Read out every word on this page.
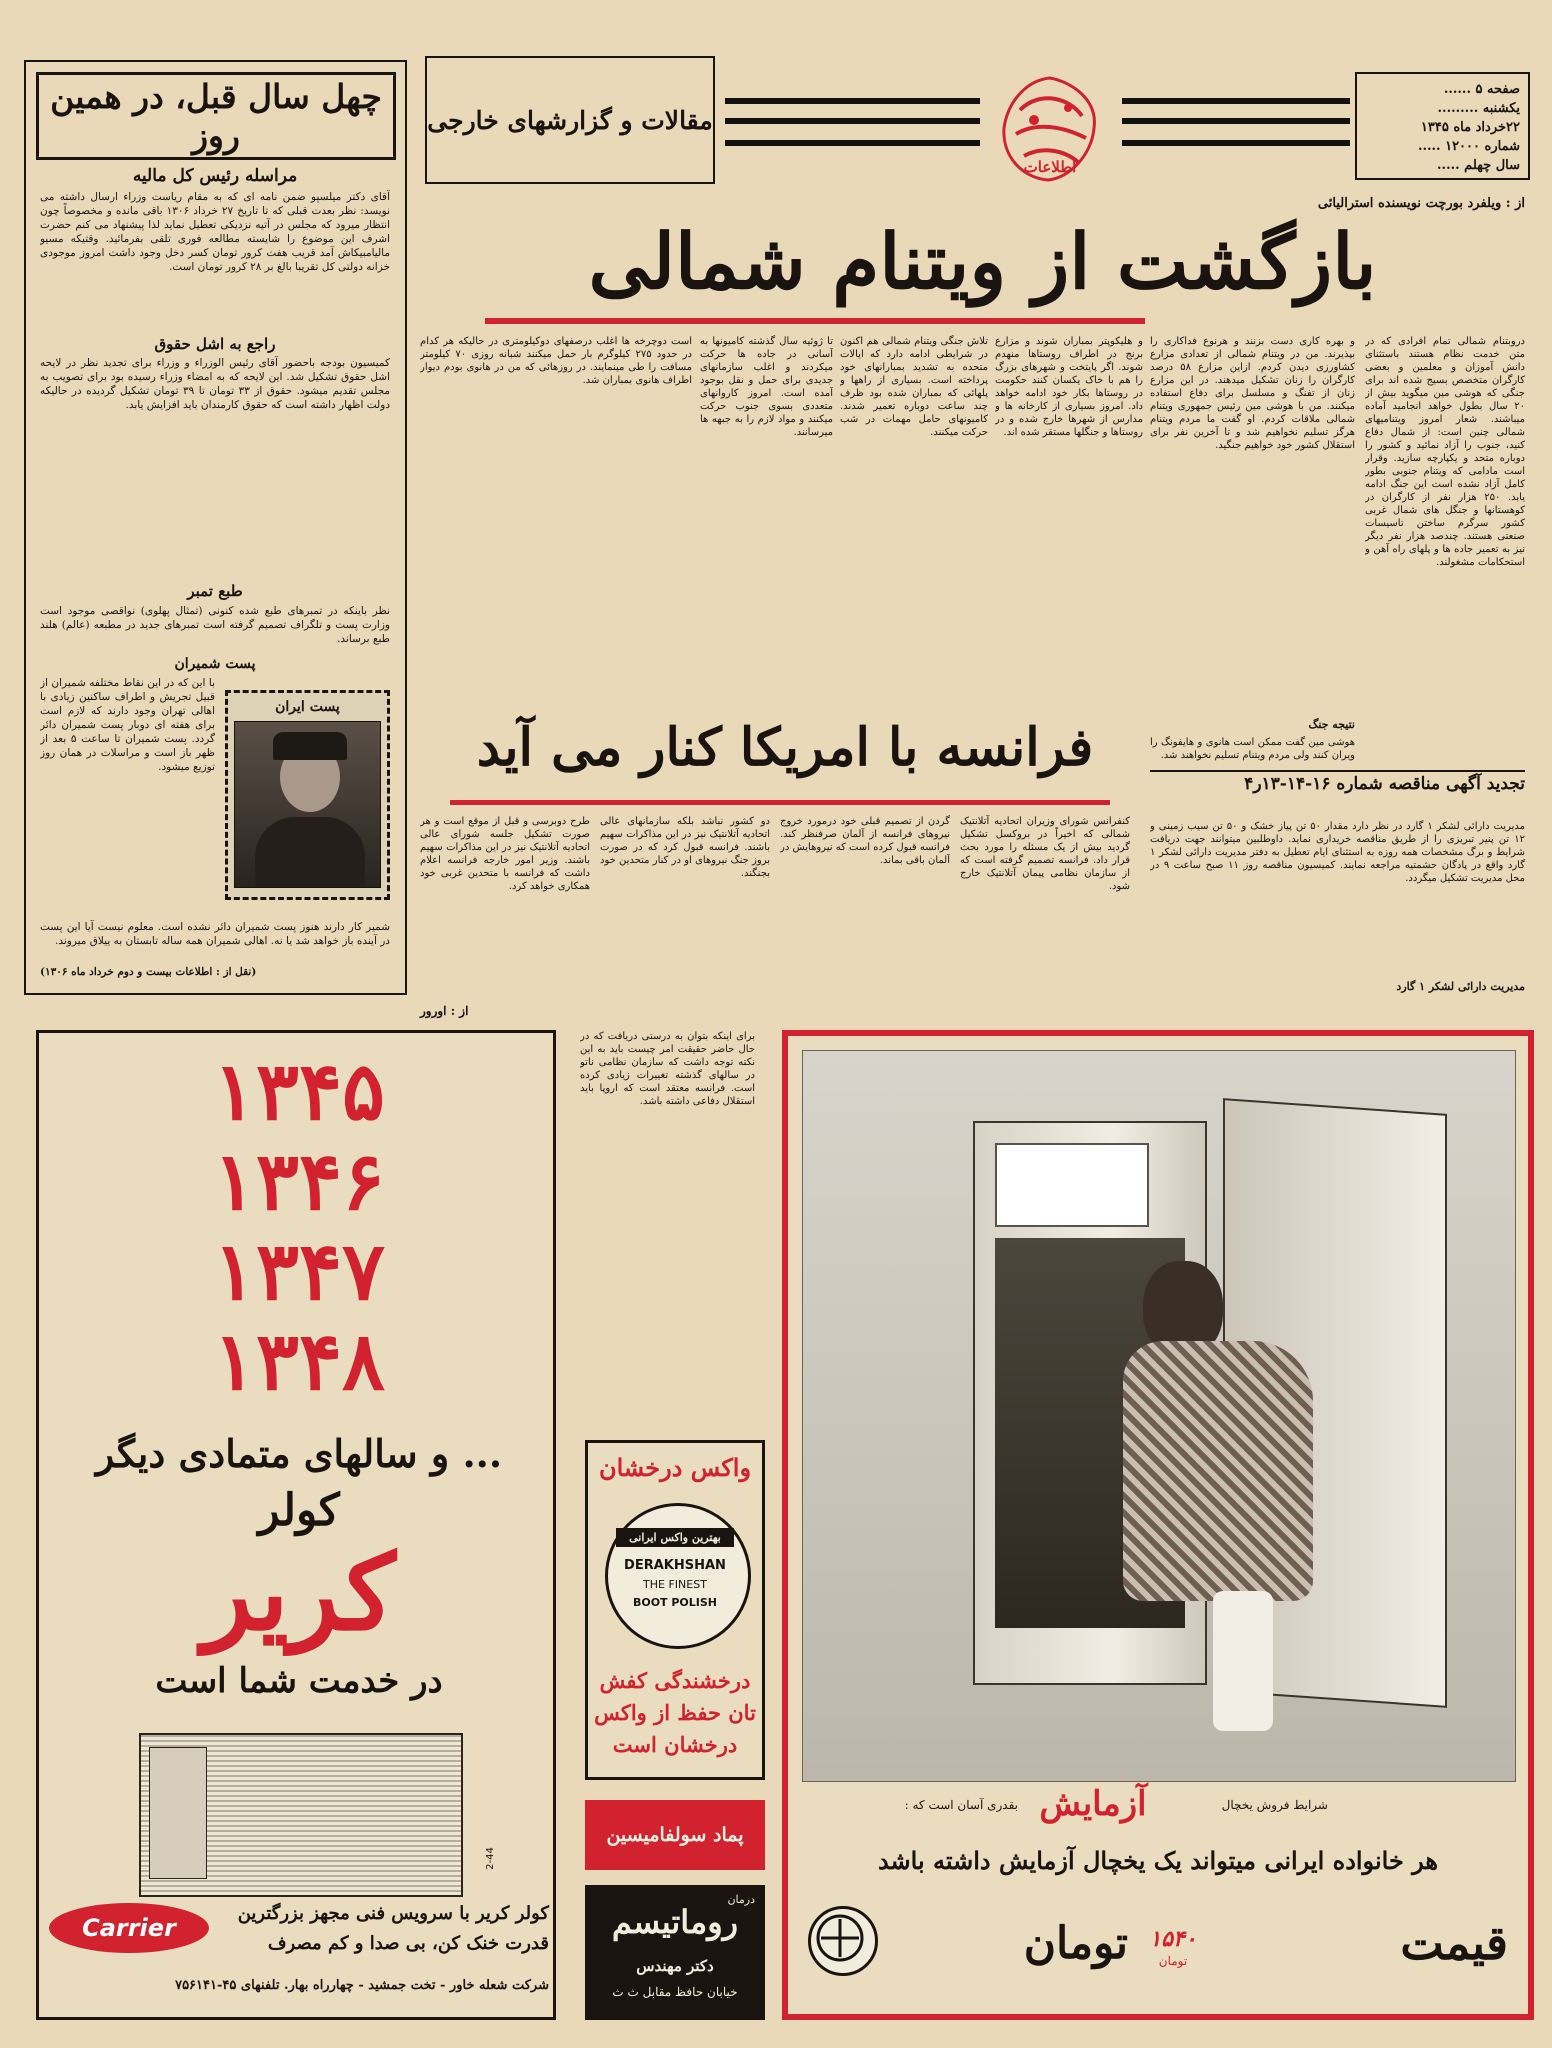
صفحه ۵ ......
یکشنبه .........
۲۲خرداد ماه ۱۳۴۵
شماره ۱۲۰۰۰ .....
سال چهلم .....
اطلاعات
مقالات و گزارشهای خارجی
چهل سال قبل، در همین روز
مراسله رئیس کل مالیه
آقای دکتر میلسپو ضمن نامه ای که به مقام ریاست وزراء ارسال داشته می نویسد: نظر بعدت قبلی که تا تاریخ ۲۷ خرداد ۱۳۰۶ باقی مانده و مخصوصاً چون انتظار میرود که مجلس در آتیه نزدیکی تعطیل نماید لذا پیشنهاد می کنم حضرت اشرف این موضوع را شایسته مطالعه فوری تلقی بفرمائید. وقتیکه مسیو مالیامبیکاش آمد قریب هفت کرور تومان کسر دخل وجود داشت امروز موجودی خزانه دولتی کل تقریبا بالغ بر ۲۸ کرور تومان است.
راجع به اشل حقوق
کمیسیون بودجه باحضور آقای رئیس الوزراء و وزراء برای تجدید نظر در لایحه اشل حقوق تشکیل شد. این لایحه که به امضاء وزراء رسیده بود برای تصویب به مجلس تقدیم میشود. حقوق از ۳۳ تومان تا ۳۹ تومان تشکیل گردیده در حالیکه دولت اظهار داشته است که حقوق کارمندان باید افزایش یابد.
طبع تمبر
نظر باینکه در تمبرهای طبع شده کنونی (تمثال پهلوی) نواقصی موجود است وزارت پست و تلگراف تصمیم گرفته است تمبرهای جدید در مطبعه (عالم) هلند طبع برساند.
پست شمیران
با این که در این نقاط مختلفه شمیران از قبیل تجریش و اطراف ساکنین زیادی با اهالی تهران وجود دارند که لازم است برای هفته ای دوبار پست شمیران دائر گردد. پست شمیران تا ساعت ۵ بعد از ظهر باز است و مراسلات در همان روز توزیع میشود.
پست ایران
شمیر کار دارند هنوز پست شمیران دائر نشده است. معلوم نیست آیا این پست در آینده باز خواهد شد یا نه. اهالی شمیران همه ساله تابستان به ییلاق میروند.
(نقل از : اطلاعات بیست و دوم خرداد ماه ۱۳۰۶)
از : ویلفرد بورچت نویسنده استرالیائی
بازگشت از ویتنام شمالی
دروبتنام شمالی تمام افرادی که در متن خدمت نظام هستند باستثنای دانش آموزان و معلمین و بعضی کارگران متخصص بسیج شده اند برای جنگی که هوشی مین میگوید بیش از ۲۰ سال بطول خواهد انجامید آماده میباشند. شعار امروز ویتنامیهای شمالی چنین است: از شمال دفاع کنید، جنوب را آزاد نمائید و کشور را دوباره متحد و یکپارچه سازید. وقرار است مادامی که ویتنام جنوبی بطور کامل آزاد نشده است این جنگ ادامه یابد. ۲۵۰ هزار نفر از کارگران در کوهستانها و جنگل های شمال غربی کشور سرگرم ساختن تاسیسات صنعتی هستند. چندصد هزار نفر دیگر نیز به تعمیر جاده ها و پلهای راه آهن و استحکامات مشغولند.
و بهره کاری دست بزنند و هرنوع فداکاری را بپذیرند. من در ویتنام شمالی از تعدادی مزارع کشاورزی دیدن کردم. ازاین مزارع ۵۸ درصد کارگران را زنان تشکیل میدهند. در این مزارع زنان از تفنگ و مسلسل برای دفاع استفاده میکنند. من با هوشی مین رئیس جمهوری ویتنام شمالی ملاقات کردم. او گفت ما مردم ویتنام هرگز تسلیم نخواهیم شد و تا آخرین نفر برای استقلال کشور خود خواهیم جنگید.
نتیجه جنگ
هوشی مین گفت ممکن است هانوی و هایفونگ را ویران کنند ولی مردم ویتنام تسلیم نخواهند شد.
و هلیکوپتر بمباران شوند و مزارع برنج در اطراف روستاها منهدم شوند. اگر پایتخت و شهرهای بزرگ را هم با خاک یکسان کنند حکومت در روستاها بکار خود ادامه خواهد داد. امروز بسیاری از کارخانه ها و مدارس از شهرها خارج شده و در روستاها و جنگلها مستقر شده اند.
تلاش جنگی ویتنام شمالی هم اکنون در شرایطی ادامه دارد که ایالات متحده به تشدید بمبارانهای خود پرداخته است. بسیاری از راهها و پلهائی که بمباران شده بود ظرف چند ساعت دوباره تعمیر شدند. کامیونهای حامل مهمات در شب حرکت میکنند.
تا ژوئیه سال گذشته کامیونها به آسانی در جاده ها حرکت میکردند و اغلب سازمانهای جدیدی برای حمل و نقل بوجود آمده است. امروز کاروانهای متعددی بسوی جنوب حرکت میکنند و مواد لازم را به جبهه ها میرسانند.
است دوچرخه ها اغلب درصفهای دوکیلومتری در حالیکه هر کدام در حدود ۲۷۵ کیلوگرم بار حمل میکنند شبانه روزی ۷۰ کیلومتر مسافت را طی مینمایند. در روزهائی که من در هانوی بودم دیوار اطراف هانوی بمباران شد.
فرانسه با امریکا کنار می آید
کنفرانس شورای وزیران اتحادیه آتلانتیک شمالی که اخیراً در بروکسل تشکیل گردید بیش از یک مسئله را مورد بحث قرار داد. فرانسه تصمیم گرفته است که از سازمان نظامی پیمان آتلانتیک خارج شود.
گردن از تصمیم قبلی خود درمورد خروج نیروهای فرانسه از آلمان صرفنظر کند. فرانسه قبول کرده است که نیروهایش در آلمان باقی بماند.
دو کشور نباشد بلکه سازمانهای عالی اتحادیه آتلانتیک نیز در این مذاکرات سهیم باشند. فرانسه قبول کرد که در صورت بروز جنگ نیروهای او در کنار متحدین خود بجنگند.
طرح دوبرسی و قبل از موقع است و هر صورت تشکیل جلسه شورای عالی اتحادیه آتلانتیک نیز در این مذاکرات سهیم باشند. وزیر امور خارجه فرانسه اعلام داشت که فرانسه با متحدین غربی خود همکاری خواهد کرد.
از : اورور
برای اینکه بتوان به درستی دریافت که در حال حاضر حقیقت امر چیست باید به این نکته توجه داشت که سازمان نظامی ناتو در سالهای گذشته تغییرات زیادی کرده است. فرانسه معتقد است که اروپا باید استقلال دفاعی داشته باشد.
تجدید آگهی مناقصه شماره ۱۶-۱۴-۱۳ر۴
مدیریت دارائی لشکر ۱ گارد در نظر دارد مقدار ۵۰ تن پیاز خشک و ۵۰ تن سیب زمینی و ۱۲ تن پنیر تبریزی را از طریق مناقصه خریداری نماید. داوطلبین میتوانند جهت دریافت شرایط و برگ مشخصات همه روزه به استثنای ایام تعطیل به دفتر مدیریت دارائی لشکر ۱ گارد واقع در پادگان حشمتیه مراجعه نمایند. کمیسیون مناقصه روز ۱۱ صبح ساعت ۹ در محل مدیریت تشکیل میگردد.
مدیریت دارائی لشکر ۱ گارد
۱۳۴۵
۱۳۴۶
۱۳۴۷
۱۳۴۸
... و سالهای متمادی دیگر
کولر
کریر
در خدمت شما است
2-44
Carrier
کولر کریر با سرویس فنی مجهز بزرگترین
قدرت خنک کن، بی صدا و کم مصرف
شرکت شعله خاور - تخت جمشید - چهارراه بهار. تلفنهای ۴۵-۷۵۶۱۴۱
واکس درخشان
بهترین واکس ایرانی
DERAKHSHAN
THE FINEST
BOOT POLISH
درخشندگی کفش تان حفظ از واکس درخشان است
پماد سولفامیسین
درمان
روماتیسم
دکتر مهندس
خیابان حافظ مقابل ث ث
شرایط فروش یخچال
آزمایش
بقدری آسان است که :
هر خانواده ایرانی میتواند یک یخچال آزمایش داشته باشد
قیمت
۱۵۴۰
تومان
تومان
